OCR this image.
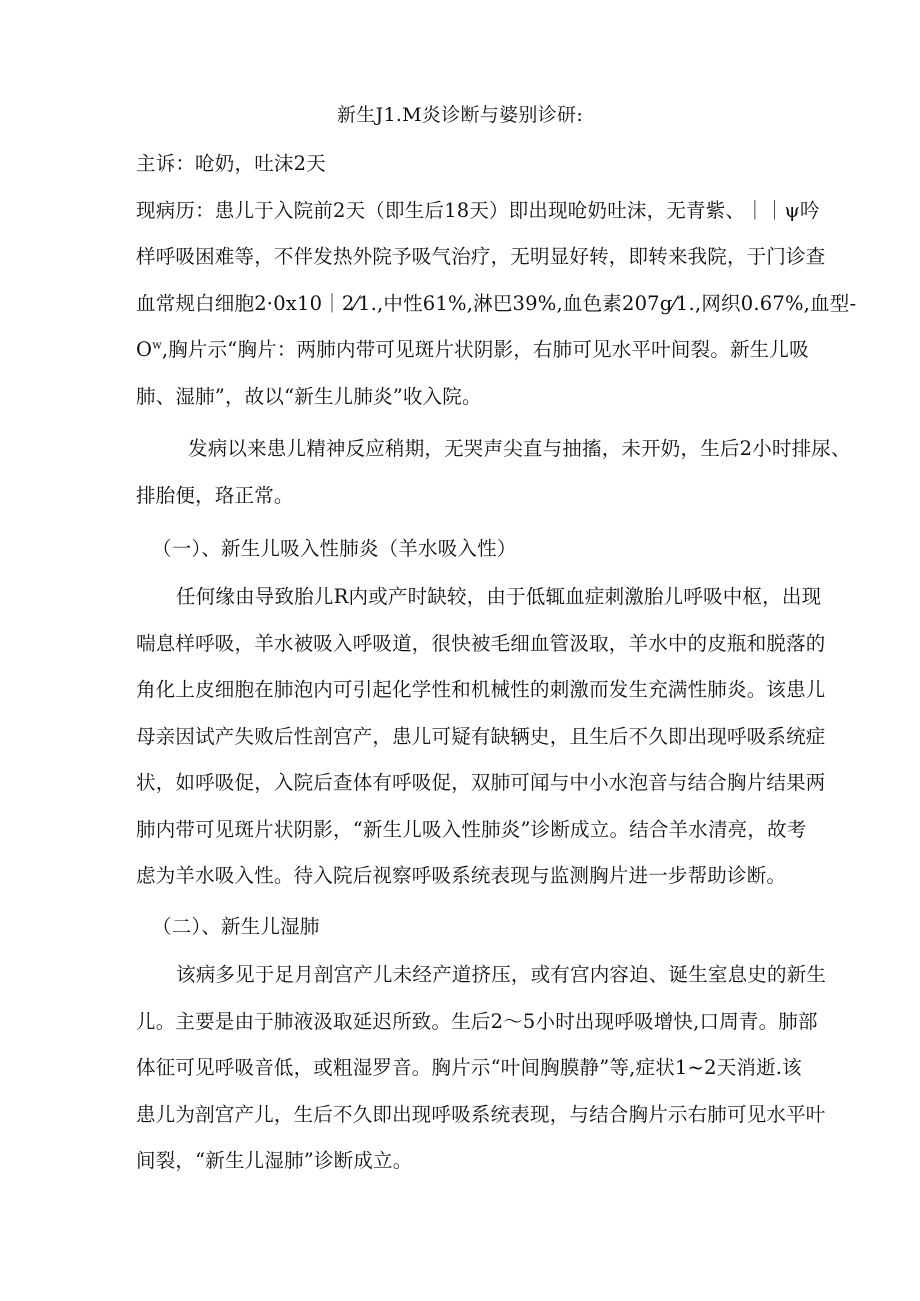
新生J1.M炎诊断与婆别诊研:
主诉：呛奶，吐沫2天
现病历：患儿于入院前2天（即生后18天）即出现呛奶吐沫，无青紫、｜｜ψ吟
样呼吸困难等，不伴发热外院予吸气治疗，无明显好转，即转来我院，于门诊查
血常规白细胞2·0x10｜2⁄1.,中性61%,淋巴39%,血色素207g⁄1.,网织0.67%,血型-
$O^w$,胸片示“胸片：两肺内带可见斑片状阴影，右肺可见水平叶间裂。新生儿吸
肺、湿肺”，故以“新生儿肺炎”收入院。
发病以来患儿精神反应稍期，无哭声尖直与抽搐，未开奶，生后2小时排尿、
排胎便，珞正常。
（一）、新生儿吸入性肺炎（羊水吸入性）
任何缘由导致胎儿R内或产时缺较，由于低辄血症刺激胎儿呼吸中枢，出现
喘息样呼吸，羊水被吸入呼吸道，很快被毛细血管汲取，羊水中的皮瓶和脱落的
角化上皮细胞在肺泡内可引起化学性和机械性的刺激而发生充满性肺炎。该患儿
母亲因试产失败后性剖宫产，患儿可疑有缺辆史，且生后不久即出现呼吸系统症
状，如呼吸促，入院后查体有呼吸促，双肺可闻与中小水泡音与结合胸片结果两
肺内带可见斑片状阴影，“新生儿吸入性肺炎”诊断成立。结合羊水清亮，故考
虑为羊水吸入性。待入院后视察呼吸系统表现与监测胸片进一步帮助诊断。
（二）、新生儿湿肺
该病多见于足月剖宫产儿未经产道挤压，或有宫内容迫、诞生室息史的新生
儿。主要是由于肺液汲取延迟所致。生后2～5小时出现呼吸增快,口周青。肺部
体征可见呼吸音低，或粗湿罗音。胸片示“叶间胸膜静”等,症状1~2天消逝.该
患儿为剖宫产儿，生后不久即出现呼吸系统表现，与结合胸片示右肺可见水平叶
间裂，“新生儿湿肺”诊断成立。
